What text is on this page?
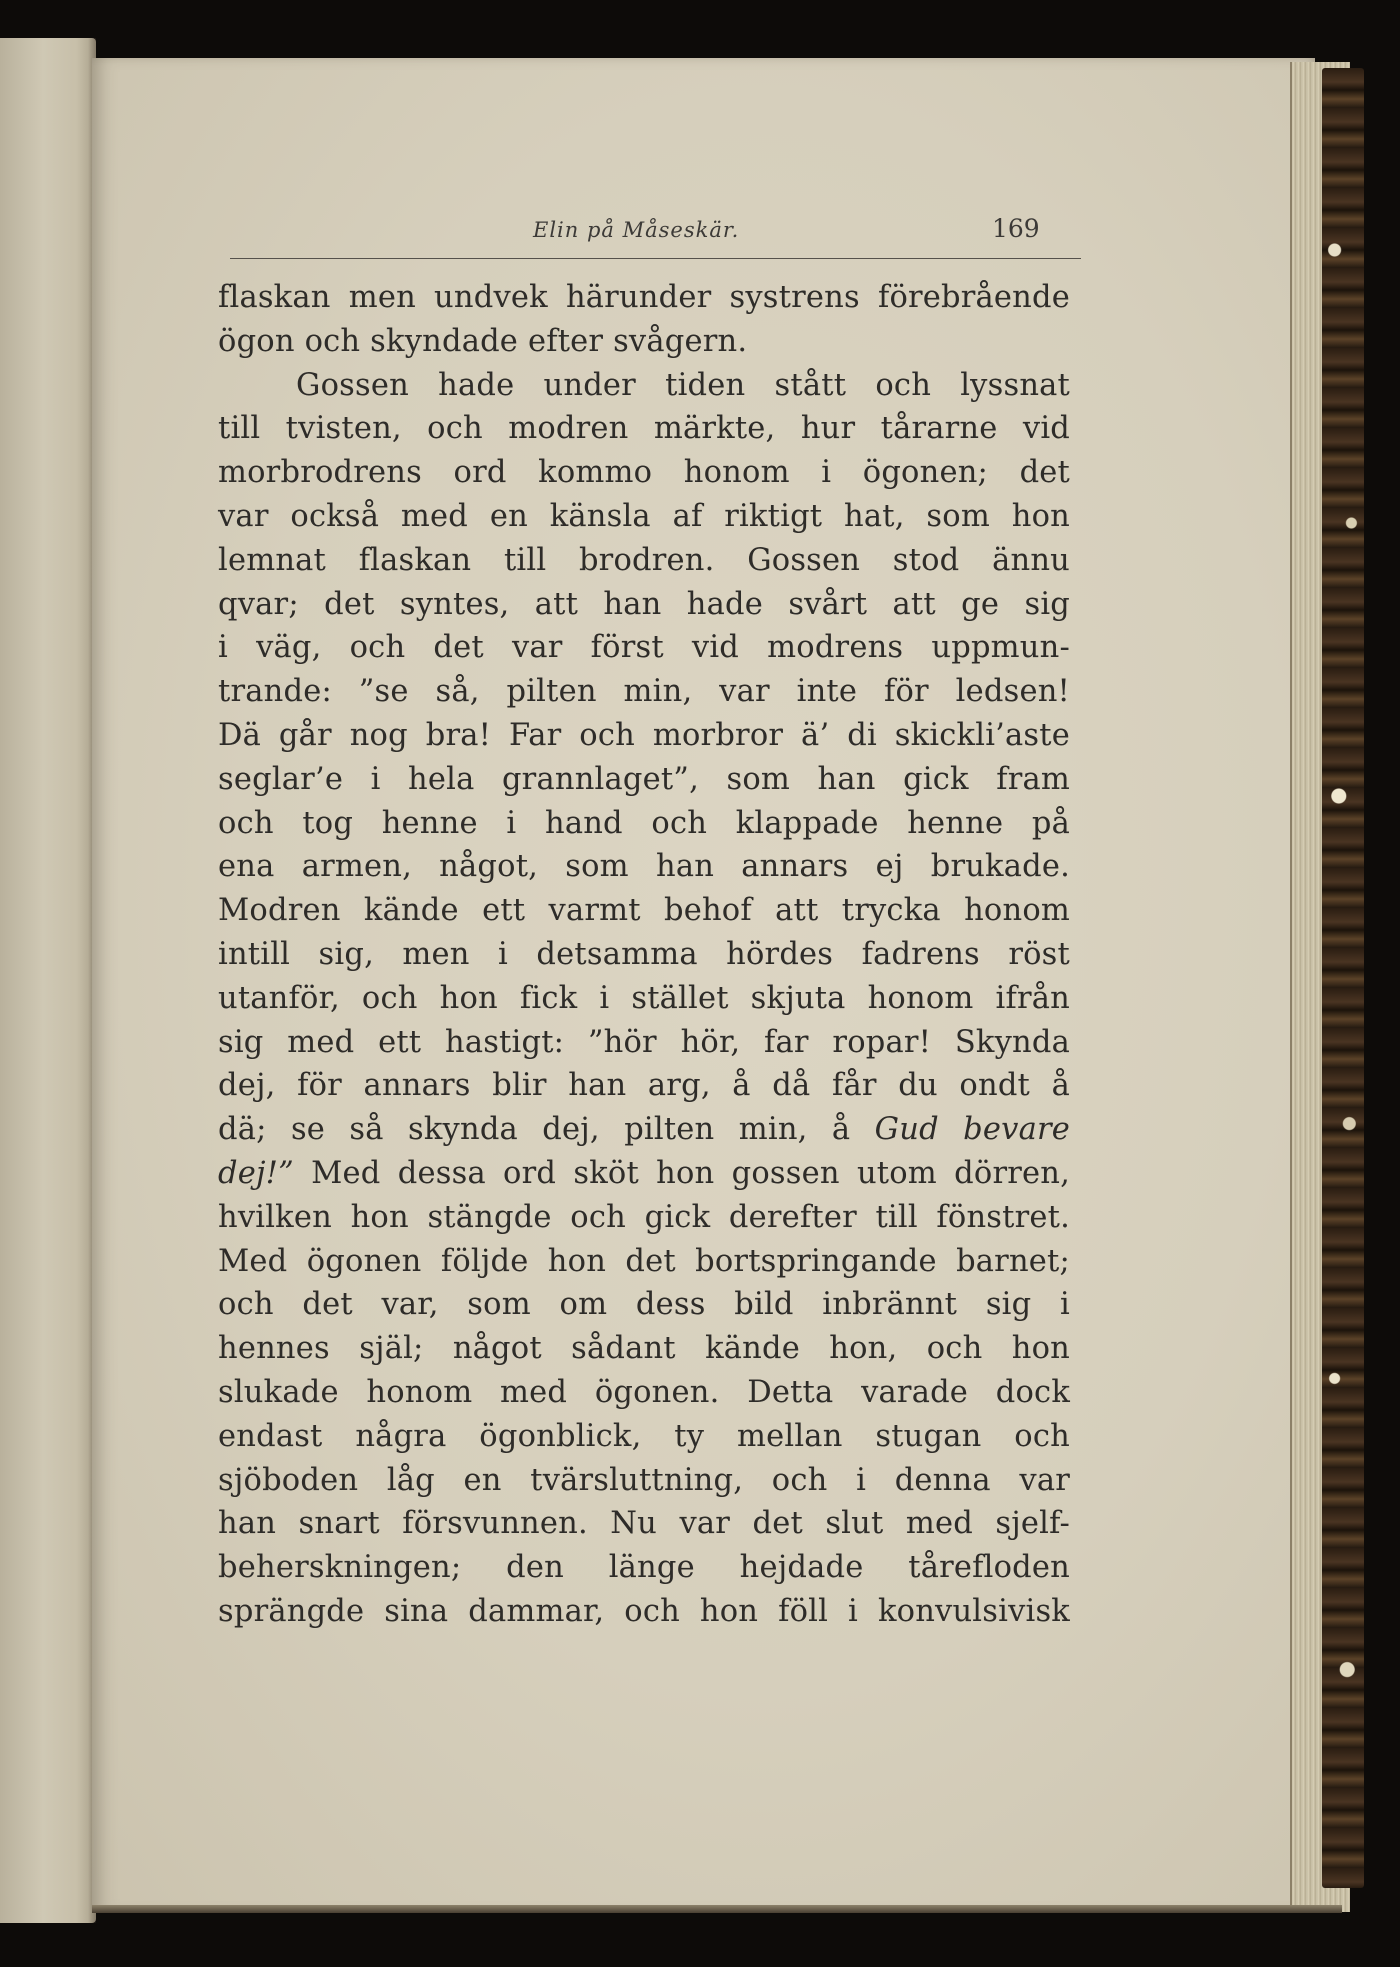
Elin på Måseskär.	169
flaskan men undvek härunder systrens förebrående
ögon och skyndade efter svågern.
Gossen hade under tiden stått och lyssnat
till tvisten, och modren märkte, hur tårarne vid
morbrodrens ord kommo honom i ögonen; det
var också med en känsla af riktigt hat, som hon
lemnat flaskan till brodren. Gossen stod ännu
qvar; det syntes, att han hade svårt att ge sig
i väg, och det var först vid modrens uppmun-
trande: ”se så, pilten min, var inte för ledsen!
Dä går nog bra! Far och morbror ä’ di skickli’aste
seglar’e i hela grannlaget”, som han gick fram
och tog henne i hand och klappade henne på
ena armen, något, som han annars ej brukade.
Modren kände ett varmt behof att trycka honom
intill sig, men i detsamma hördes fadrens röst
utanför, och hon fick i stället skjuta honom ifrån
sig med ett hastigt: ”hör hör, far ropar! Skynda
dej, för annars blir han arg, å då får du ondt å
dä; se så skynda dej, pilten min, å Gud bevare
dej!” Med dessa ord sköt hon gossen utom dörren,
hvilken hon stängde och gick derefter till fönstret.
Med ögonen följde hon det bortspringande barnet;
och det var, som om dess bild inbrännt sig i
hennes själ; något sådant kände hon, och hon
slukade honom med ögonen. Detta varade dock
endast några ögonblick, ty mellan stugan och
sjöboden låg en tvärsluttning, och i denna var
han snart försvunnen. Nu var det slut med sjelf-
beherskningen; den länge hejdade tårefloden
sprängde sina dammar, och hon föll i konvulsivisk
